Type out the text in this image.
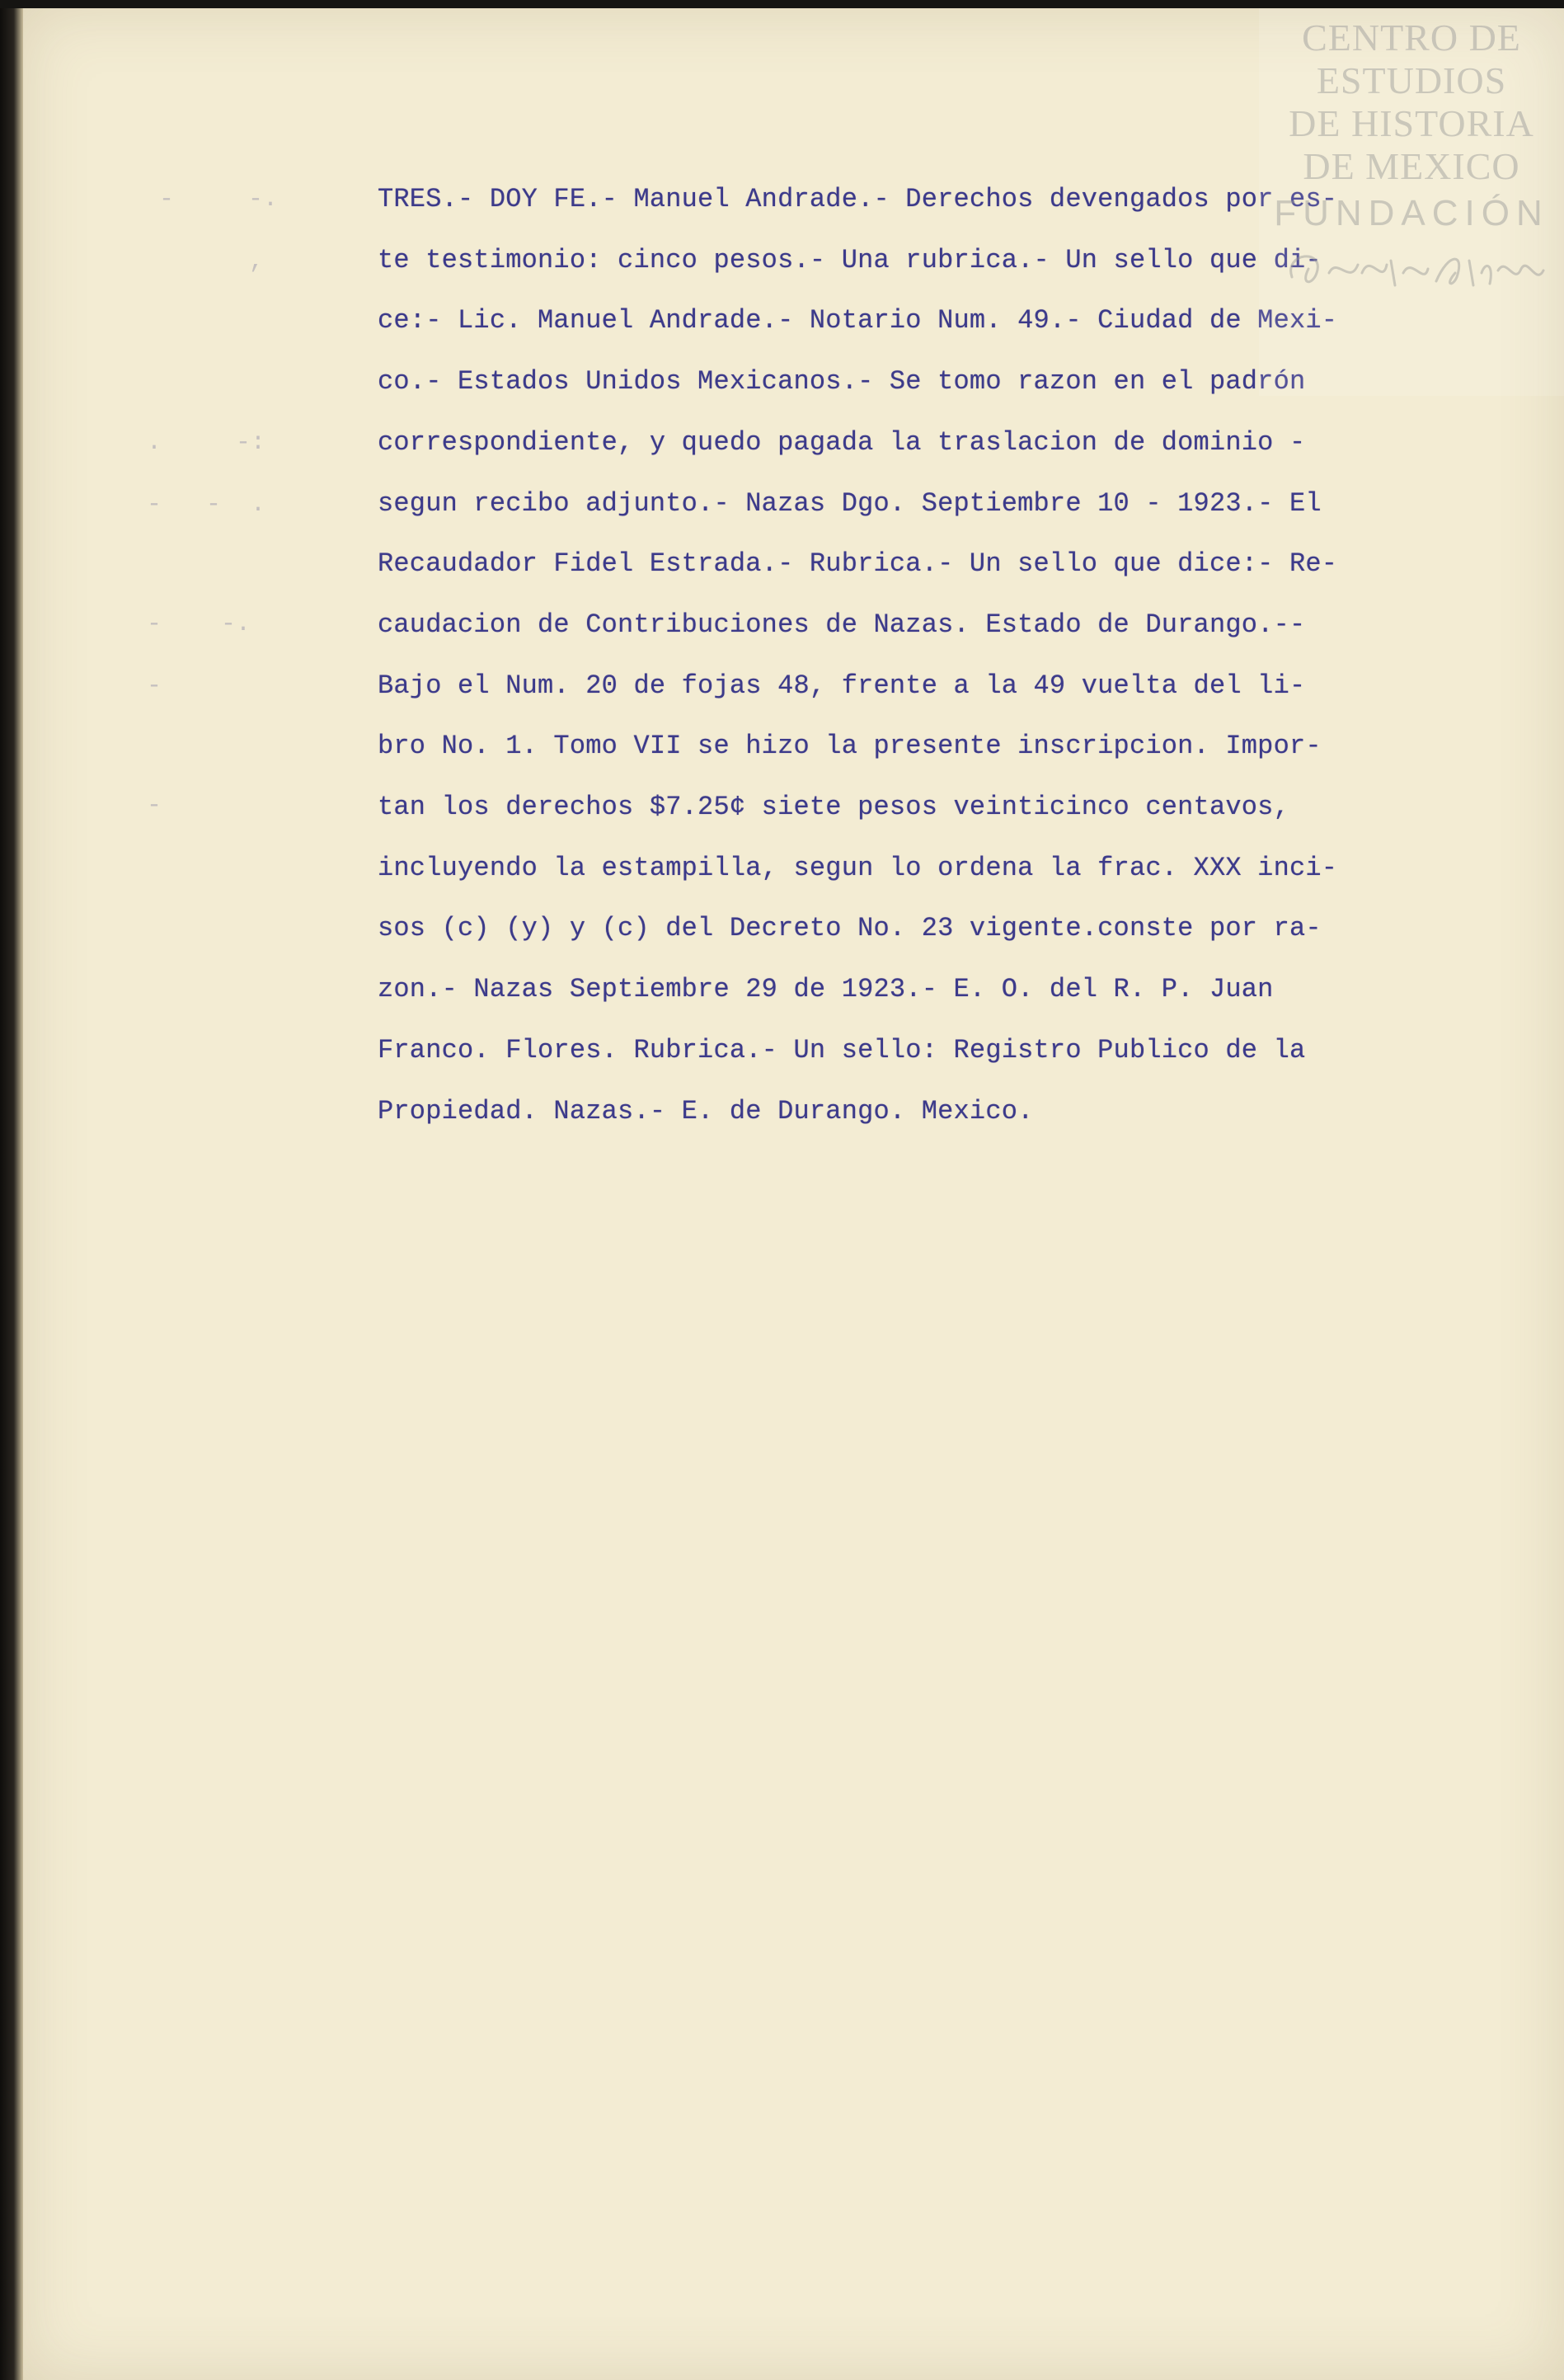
-     -.
,
.     -:
-   -  .
-    -.
-
-
TRES.- DOY FE.- Manuel Andrade.- Derechos devengados por es-
te testimonio: cinco pesos.- Una rubrica.- Un sello que di-
ce:- Lic. Manuel Andrade.- Notario Num. 49.- Ciudad de Mexi-
co.- Estados Unidos Mexicanos.- Se tomo razon en el padrón
correspondiente, y quedo pagada la traslacion de dominio -
segun recibo adjunto.- Nazas Dgo. Septiembre 10 - 1923.- El
Recaudador Fidel Estrada.- Rubrica.- Un sello que dice:- Re-
caudacion de Contribuciones de Nazas. Estado de Durango.--
Bajo el Num. 20 de fojas 48, frente a la 49 vuelta del li-
bro No. 1. Tomo VII se hizo la presente inscripcion. Impor-
tan los derechos $7.25¢ siete pesos veinticinco centavos,
incluyendo la estampilla, segun lo ordena la frac. XXX inci-
sos (c) (y) y (c) del Decreto No. 23 vigente.conste por ra-
zon.- Nazas Septiembre 29 de 1923.- E. O. del R. P. Juan
Franco. Flores. Rubrica.- Un sello: Registro Publico de la
Propiedad. Nazas.- E. de Durango. Mexico.
CENTRO DE
ESTUDIOS
DE HISTORIA
DE MEXICO
FUNDACIÓN
